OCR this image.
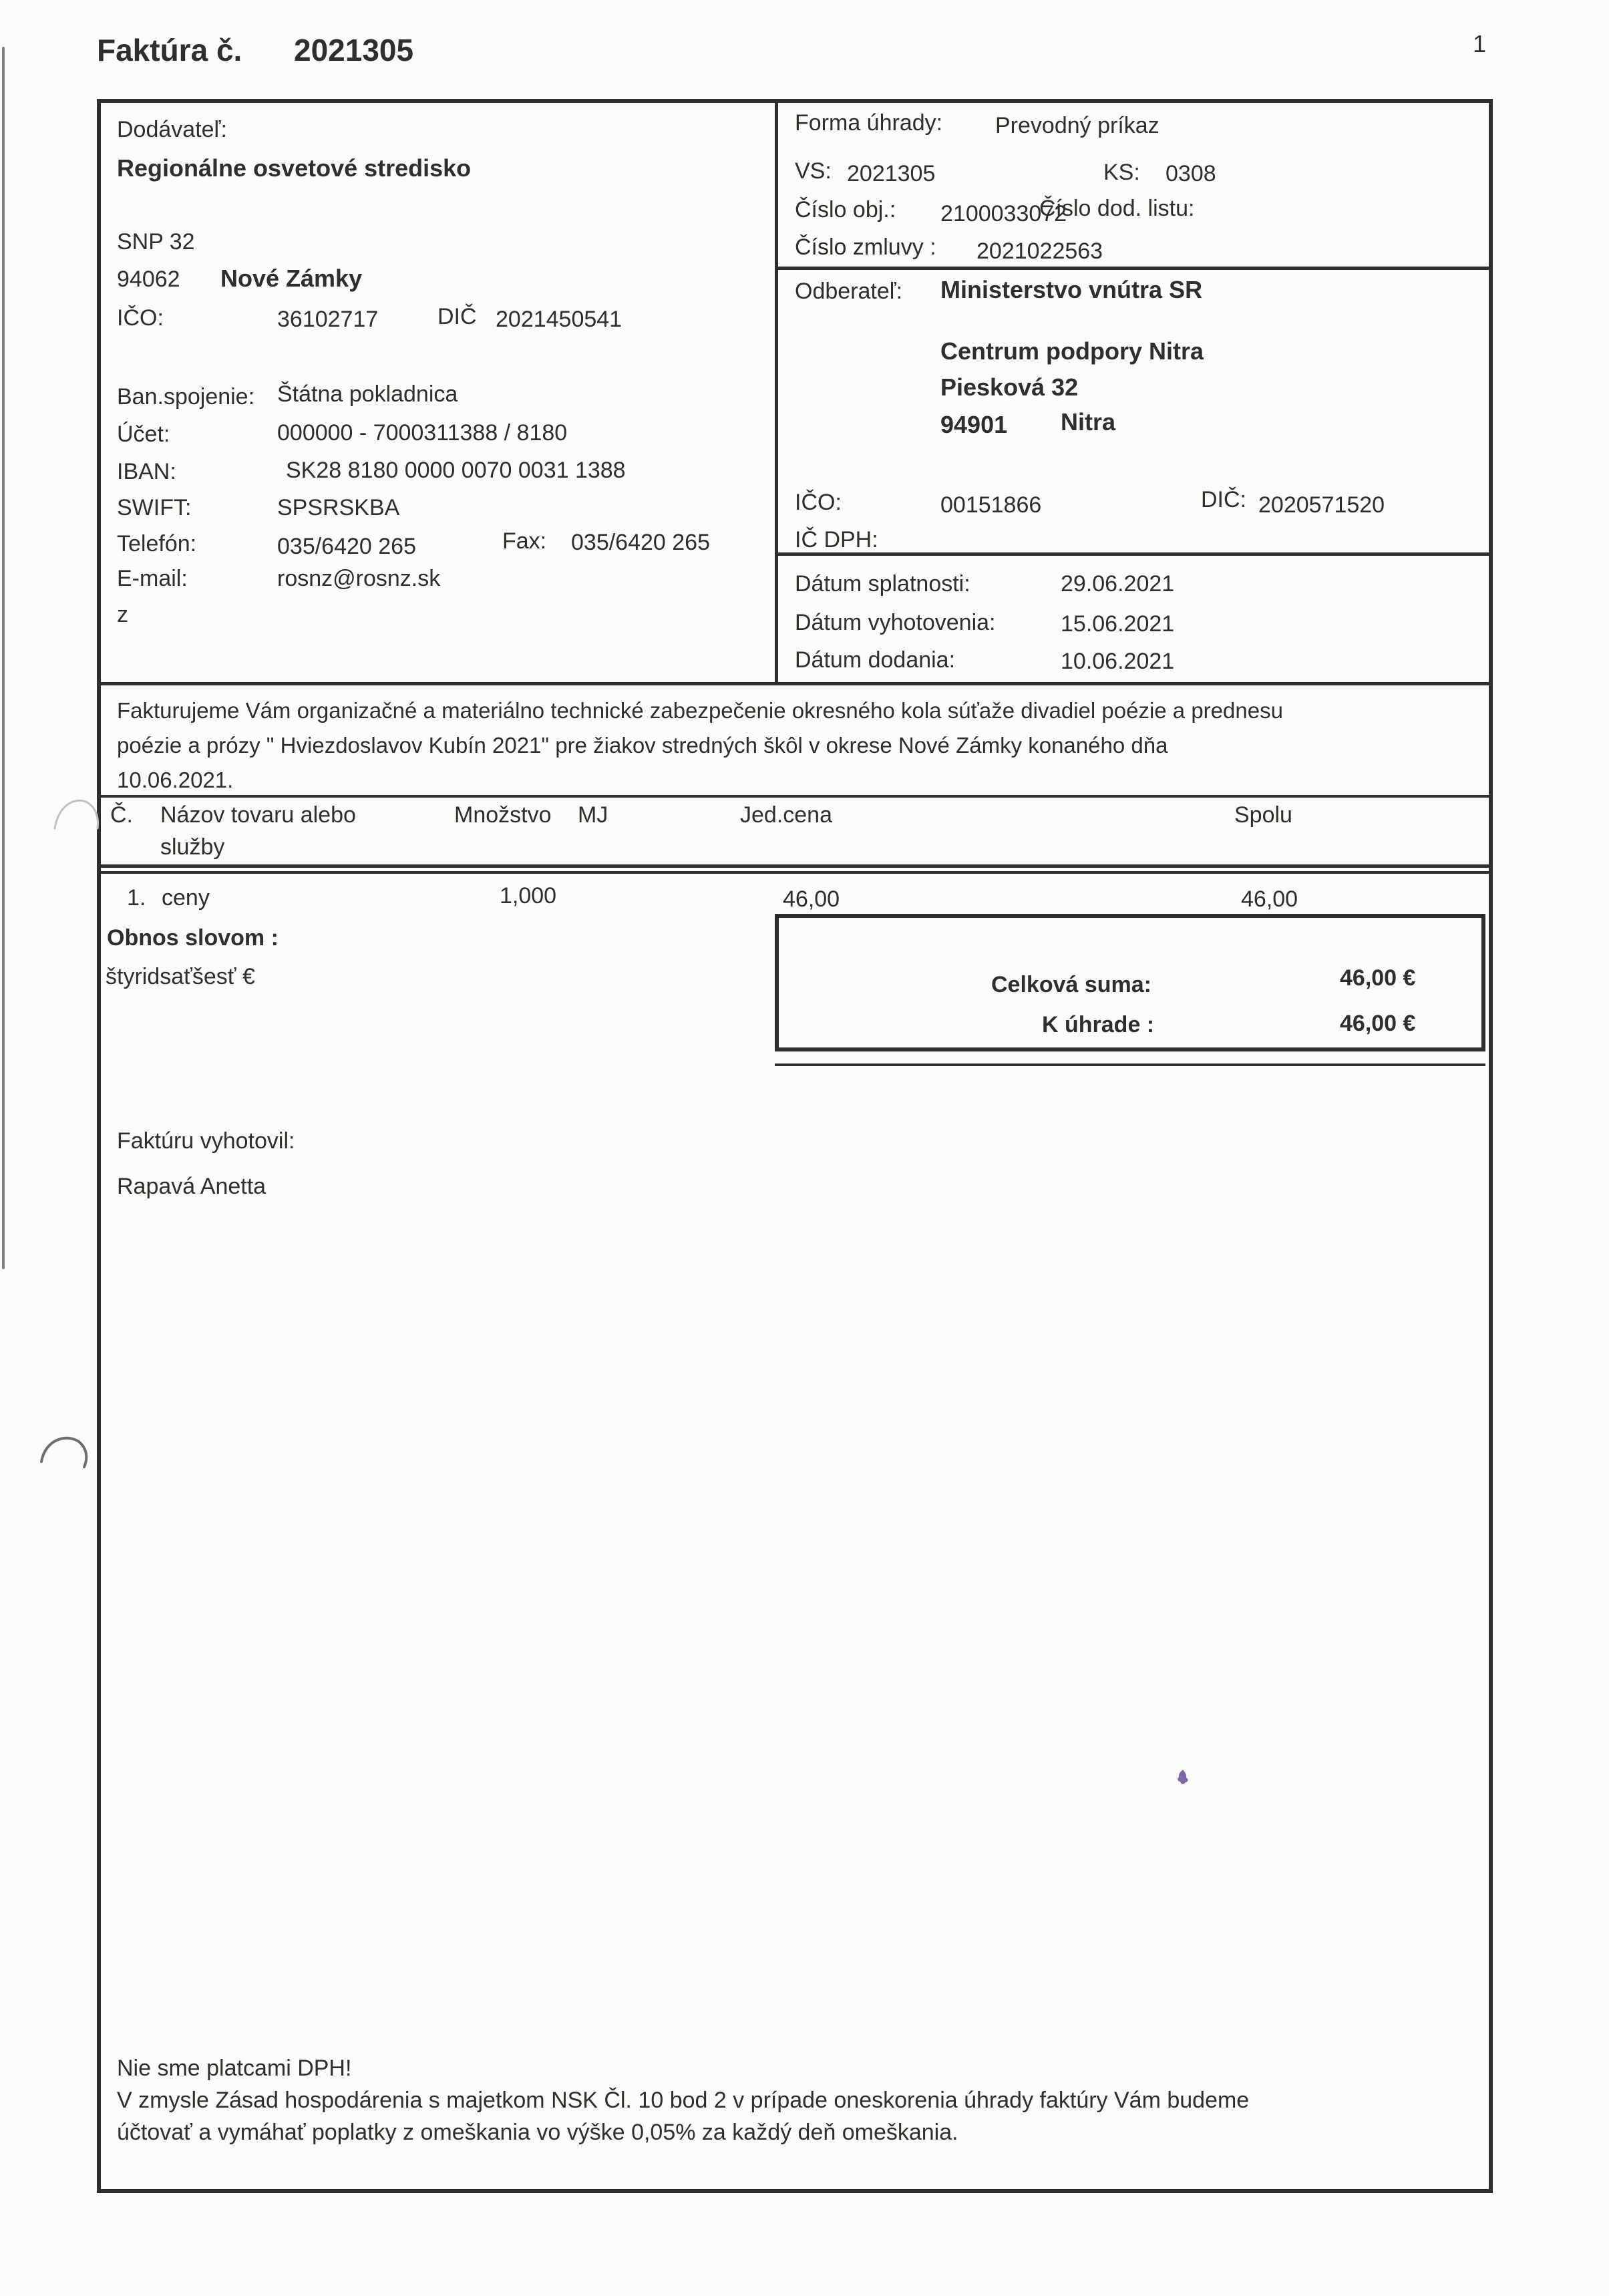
Faktúra č. 2021305	1
Dodávateľ:
Regionálne osvetové stredisko
SNP 32
94062 Nové Zámky
IČO:	36102717	DIČ 2021450541
Ban.spojenie: Štátna pokladnica
Účet:	000000 - 7000311388 / 8180
IBAN:	SK28 8180 0000 0070 0031 1388
SWIFT:	SPSRSKBA
Telefón:	035/6420 265	Fax: 035/6420 265
E-mail:	rosnz@rosnz.sk
z
Forma úhrady: Prevodný príkaz
VS: 2021305	KS: 0308
Číslo obj.: 2100033072
Číslo dod. listu:
Číslo zmluvy : 2021022563
Odberateľ: Ministerstvo vnútra SR
Centrum podpory Nitra
Piesková 32
94901 Nitra
IČO:	00151866	DIČ: 2020571520
IČ DPH:
Dátum splatnosti:	29.06.2021
Dátum vyhotovenia:	15.06.2021
Dátum dodania:	10.06.2021
Fakturujeme Vám organizačné a materiálno technické zabezpečenie okresného kola súťaže divadiel poézie a prednesu
poézie a prózy " Hviezdoslavov Kubín 2021" pre žiakov stredných škôl v okrese Nové Zámky konaného dňa
10.06.2021.
Č. Názov tovaru alebo
služby
Množstvo MJ	Jed.cena	Spolu
1. ceny	1,000	46,00	46,00
Obnos slovom :
štyridsaťšesť €	Celková suma:	46,00 €
K úhrade :	46,00 €
Faktúru vyhotovil:
Rapavá Anetta
Nie sme platcami DPH!
V zmysle Zásad hospodárenia s majetkom NSK Čl. 10 bod 2 v prípade oneskorenia úhrady faktúry Vám budeme
účtovať a vymáhať poplatky z omeškania vo výške 0,05% za každý deň omeškania.
